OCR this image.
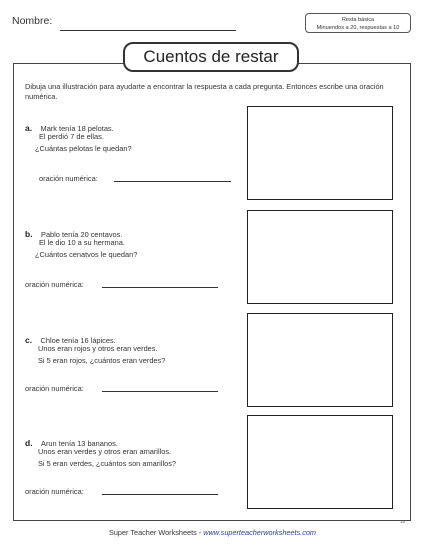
Nombre:	Resta básica
Minuendos a 20, respuestas a 10
Cuentos de restar
Dibuja una illustración para ayudarte a encontrar la respuesta a cada pregunta. Entonces escribe una oración numérica.
a. Mark tenía 18 pelotas.
El perdió 7 de ellas.
¿Cuántas pelotas le quedan?
oración numérica:
b. Pablo tenía 20 centavos.
El le dio 10 a su hermana.
¿Cuántos cenatvos le quedan?
oración numérica:
c. Chloe tenía 16 lápices.
Unos eran rojos y otros eran verdes.
Si 5 eran rojos, ¿cuántos eran verdes?
oración numérica:
d. Arun tenía 13 bananos.
Unos eran verdes y otros eran amarillos.
Si 5 eran verdes, ¿cuántos son amarillos?
oración numérica:
Super Teacher Worksheets - www.superteacherworksheets.com
15
